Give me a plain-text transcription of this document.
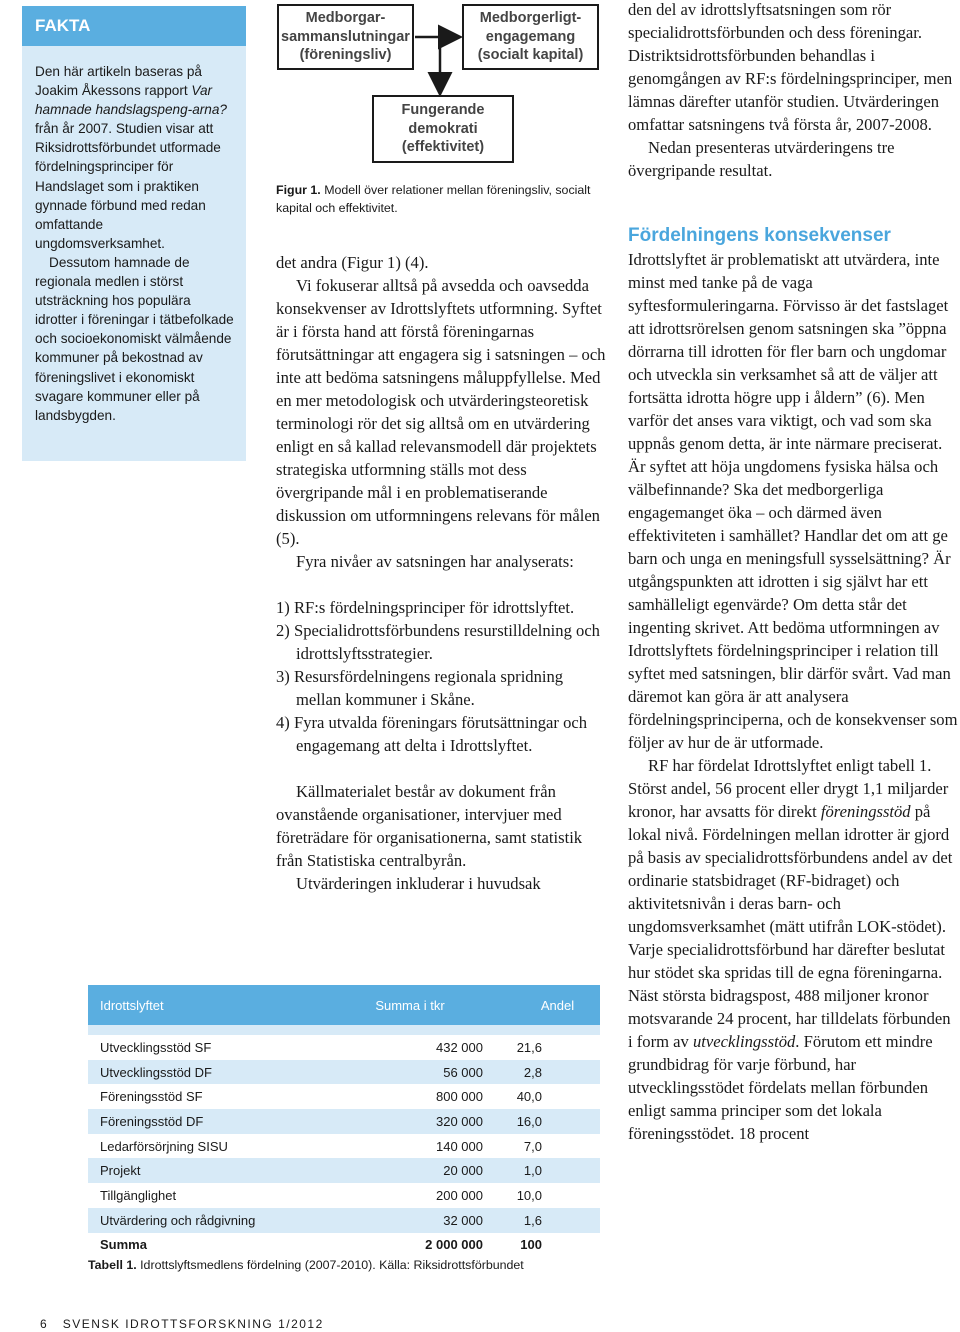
FAKTA

Den här artikeln baseras på Joakim Åkessons rapport Var hamnade handslagspeng-arna? från år 2007. Studien visar att Riksidrottsförbundet utformade fördelningsprinciper för Handslaget som i praktiken gynnade förbund med redan omfattande ungdomsverksamhet.

Dessutom hamnade de regionala medlen i störst utsträckning hos populära idrotter i föreningar i tätbefolkade och socioekonomiskt välmående kommuner på bekostnad av föreningslivet i ekonomiskt svagare kommuner eller på landsbygden.

Medborgar-sammanslutningar (föreningsliv)
Medborgerligt-engagemang (socialt kapital)
Fungerande demokrati (effektivitet)
Figur 1. Modell över relationer mellan föreningsliv, socialt kapital och effektivitet.

det andra (Figur 1) (4).

Vi fokuserar alltså på avsedda och oavsedda konsekvenser av Idrottslyftets utformning. Syftet är i första hand att förstå föreningarnas förutsättningar att engagera sig i satsningen – och inte att bedöma satsningens måluppfyllelse. Med en mer metodologisk och utvärderingsteoretisk terminologi rör det sig alltså om en utvärdering enligt en så kallad relevansmodell där projektets strategiska utformning ställs mot dess övergripande mål i en problematiserande diskussion om utformningens relevans för målen (5).

Fyra nivåer av satsningen har analyserats:

1) RF:s fördelningsprinciper för idrottslyftet.

2) Specialidrottsförbundens resurstilldelning och idrottslyftsstrategier.

3) Resursfördelningens regionala spridning mellan kommuner i Skåne.

4) Fyra utvalda föreningars förutsättningar och engagemang att delta i Idrottslyftet.

Källmaterialet består av dokument från ovanstående organisationer, intervjuer med företrädare för organisationerna, samt statistik från Statistiska centralbyrån.

Utvärderingen inkluderar i huvudsak

Idrottslyftet	Summa i tkr	Andel

Utvecklingsstöd SF	432 000	21,6
Utvecklingsstöd DF	56 000	2,8
Föreningsstöd SF	800 000	40,0
Föreningsstöd DF	320 000	16,0
Ledarförsörjning SISU	140 000	7,0
Projekt	20 000	1,0
Tillgänglighet	200 000	10,0
Utvärdering och rådgivning	32 000	1,6
Summa	2 000 000	100
Tabell 1. Idrottslyftsmedlens fördelning (2007-2010). Källa: Riksidrottsförbundet

den del av idrottslyftsatsningen som rör specialidrottsförbunden och dess föreningar. Distriktsidrottsförbunden behandlas i genomgången av RF:s fördelningsprinciper, men lämnas därefter utanför studien. Utvärderingen omfattar satsningens två första år, 2007-2008.

Nedan presenteras utvärderingens tre övergripande resultat.

Fördelningens konsekvenser

Idrottslyftet är problematiskt att utvärdera, inte minst med tanke på de vaga syftesformuleringarna. Förvisso är det fastslaget att idrottsrörelsen genom satsningen ska ”öppna dörrarna till idrotten för fler barn och ungdomar och utveckla sin verksamhet så att de väljer att fortsätta idrotta högre upp i åldern” (6). Men varför det anses vara viktigt, och vad som ska uppnås genom detta, är inte närmare preciserat. Är syftet att höja ungdomens fysiska hälsa och välbefinnande? Ska det medborgerliga engagemanget öka – och därmed även effektiviteten i samhället? Handlar det om att ge barn och unga en meningsfull sysselsättning? Är utgångspunkten att idrotten i sig självt har ett samhälleligt egenvärde? Om detta står det ingenting skrivet. Att bedöma utformningen av Idrottslyftets fördelningsprinciper i relation till syftet med satsningen, blir därför svårt. Vad man däremot kan göra är att analysera fördelningsprinciperna, och de konsekvenser som följer av hur de är utformade.

RF har fördelat Idrottslyftet enligt tabell 1. Störst andel, 56 procent eller drygt 1,1 miljarder kronor, har avsatts för direkt föreningsstöd på lokal nivå. Fördelningen mellan idrotter är gjord på basis av specialidrottsförbundens andel av det ordinarie statsbidraget (RF-bidraget) och aktivitetsnivån i deras barn- och ungdomsverksamhet (mätt utifrån LOK-stödet). Varje specialidrottsförbund har därefter beslutat hur stödet ska spridas till de egna föreningarna. Näst största bidragspost, 488 miljoner kronor motsvarande 24 procent, har tilldelats förbunden i form av utvecklingsstöd. Förutom ett mindre grundbidrag för varje förbund, har utvecklingsstödet fördelats mellan förbunden enligt samma principer som det lokala föreningsstödet. 18 procent

6 SVENSK IDROTTSFORSKNING 1/2012
